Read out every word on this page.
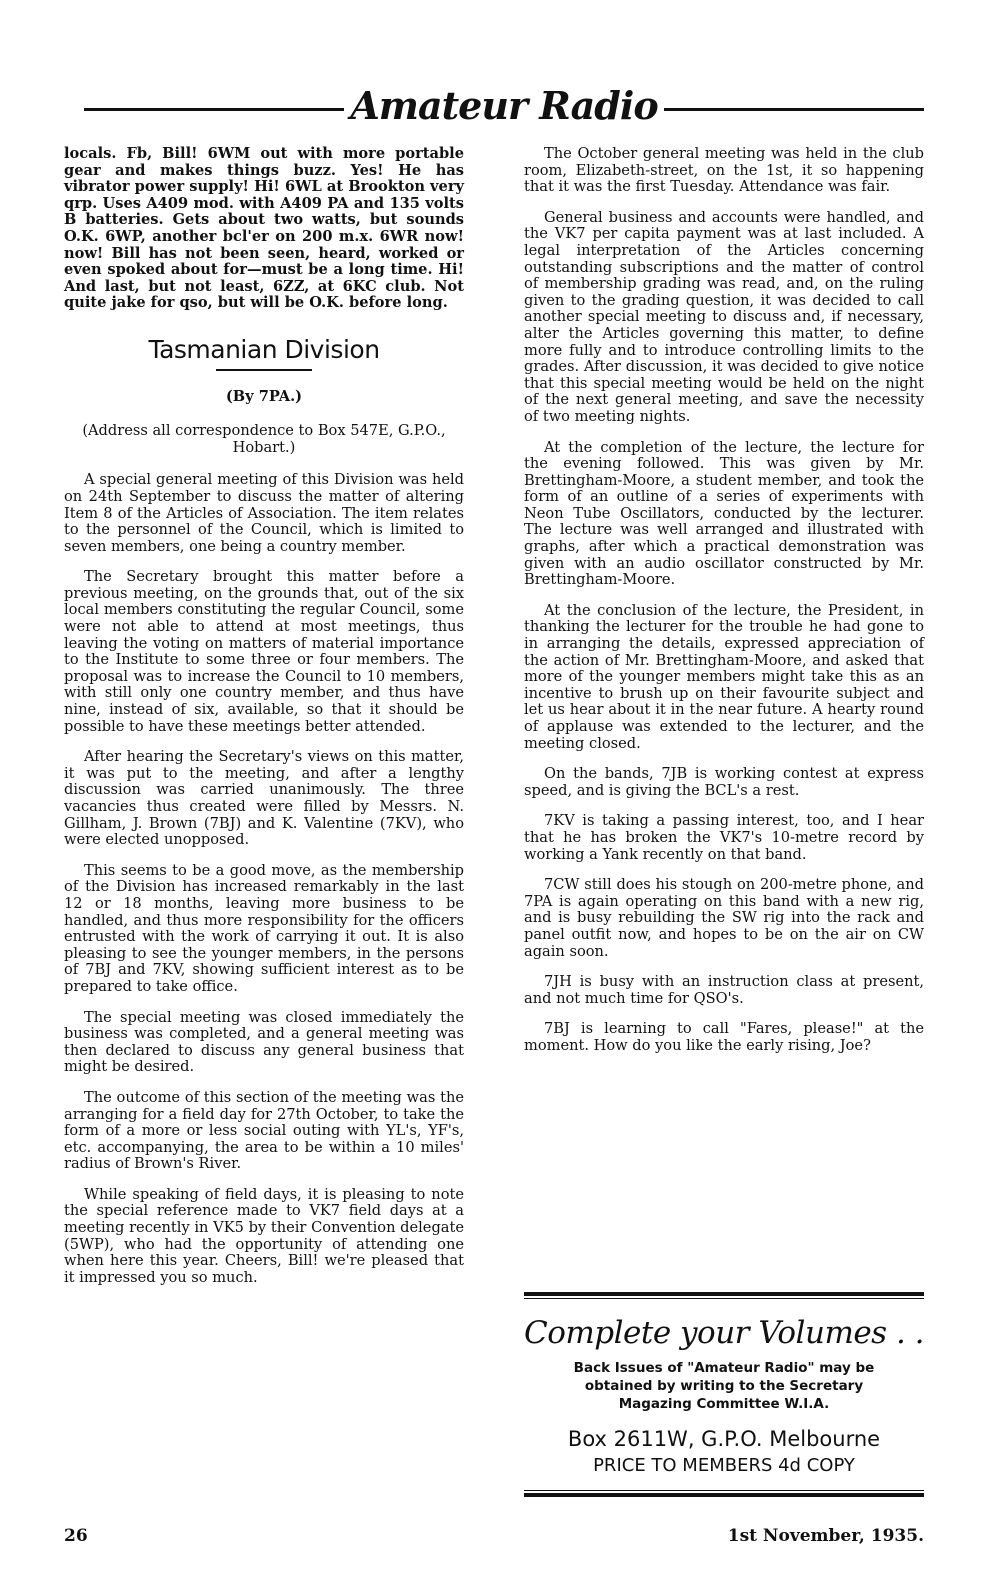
Amateur Radio

locals. Fb, Bill! 6WM out with more portable gear and makes things buzz. Yes! He has vibrator power supply! Hi! 6WL at Brookton very qrp. Uses A409 mod. with A409 PA and 135 volts B batteries. Gets about two watts, but sounds O.K. 6WP, another bcl'er on 200 m.x. 6WR now! now! Bill has not been seen, heard, worked or even spoked about for—must be a long time. Hi! And last, but not least, 6ZZ, at 6KC club. Not quite jake for qso, but will be O.K. before long.

Tasmanian Division
(By 7PA.)
(Address all correspondence to Box 547E, G.P.O., Hobart.)

A special general meeting of this Division was held on 24th September to discuss the matter of altering Item 8 of the Articles of Association. The item relates to the personnel of the Council, which is limited to seven members, one being a country member.

The Secretary brought this matter before a previous meeting, on the grounds that, out of the six local members constituting the regular Council, some were not able to attend at most meetings, thus leaving the voting on matters of material importance to the Institute to some three or four members. The proposal was to increase the Council to 10 members, with still only one country member, and thus have nine, instead of six, available, so that it should be possible to have these meetings better attended.

After hearing the Secretary's views on this matter, it was put to the meeting, and after a lengthy discussion was carried unanimously. The three vacancies thus created were filled by Messrs. N. Gillham, J. Brown (7BJ) and K. Valentine (7KV), who were elected unopposed.

This seems to be a good move, as the membership of the Division has increased remarkably in the last 12 or 18 months, leaving more business to be handled, and thus more responsibility for the officers entrusted with the work of carrying it out. It is also pleasing to see the younger members, in the persons of 7BJ and 7KV, showing sufficient interest as to be prepared to take office.

The special meeting was closed immediately the business was completed, and a general meeting was then declared to discuss any general business that might be desired.

The outcome of this section of the meeting was the arranging for a field day for 27th October, to take the form of a more or less social outing with YL's, YF's, etc. accompanying, the area to be within a 10 miles' radius of Brown's River.

While speaking of field days, it is pleasing to note the special reference made to VK7 field days at a meeting recently in VK5 by their Convention delegate (5WP), who had the opportunity of attending one when here this year. Cheers, Bill! we're pleased that it impressed you so much.

The October general meeting was held in the club room, Elizabeth-street, on the 1st, it so happening that it was the first Tuesday. Attendance was fair.

General business and accounts were handled, and the VK7 per capita payment was at last included. A legal interpretation of the Articles concerning outstanding subscriptions and the matter of control of membership grading was read, and, on the ruling given to the grading question, it was decided to call another special meeting to discuss and, if necessary, alter the Articles governing this matter, to define more fully and to introduce controlling limits to the grades. After discussion, it was decided to give notice that this special meeting would be held on the night of the next general meeting, and save the necessity of two meeting nights.

At the completion of the lecture, the lecture for the evening followed. This was given by Mr. Brettingham-Moore, a student member, and took the form of an outline of a series of experiments with Neon Tube Oscillators, conducted by the lecturer. The lecture was well arranged and illustrated with graphs, after which a practical demonstration was given with an audio oscillator constructed by Mr. Brettingham-Moore.

At the conclusion of the lecture, the President, in thanking the lecturer for the trouble he had gone to in arranging the details, expressed appreciation of the action of Mr. Brettingham-Moore, and asked that more of the younger members might take this as an incentive to brush up on their favourite subject and let us hear about it in the near future. A hearty round of applause was extended to the lecturer, and the meeting closed.

On the bands, 7JB is working contest at express speed, and is giving the BCL's a rest.

7KV is taking a passing interest, too, and I hear that he has broken the VK7's 10-metre record by working a Yank recently on that band.

7CW still does his stough on 200-metre phone, and 7PA is again operating on this band with a new rig, and is busy rebuilding the SW rig into the rack and panel outfit now, and hopes to be on the air on CW again soon.

7JH is busy with an instruction class at present, and not much time for QSO's.

7BJ is learning to call "Fares, please!" at the moment. How do you like the early rising, Joe?

Complete your Volumes . .
Back Issues of "Amateur Radio" may be obtained by writing to the Secretary Magazing Committee W.I.A.
Box 2611W, G.P.O. Melbourne
PRICE TO MEMBERS 4d COPY
26	1st November, 1935.
